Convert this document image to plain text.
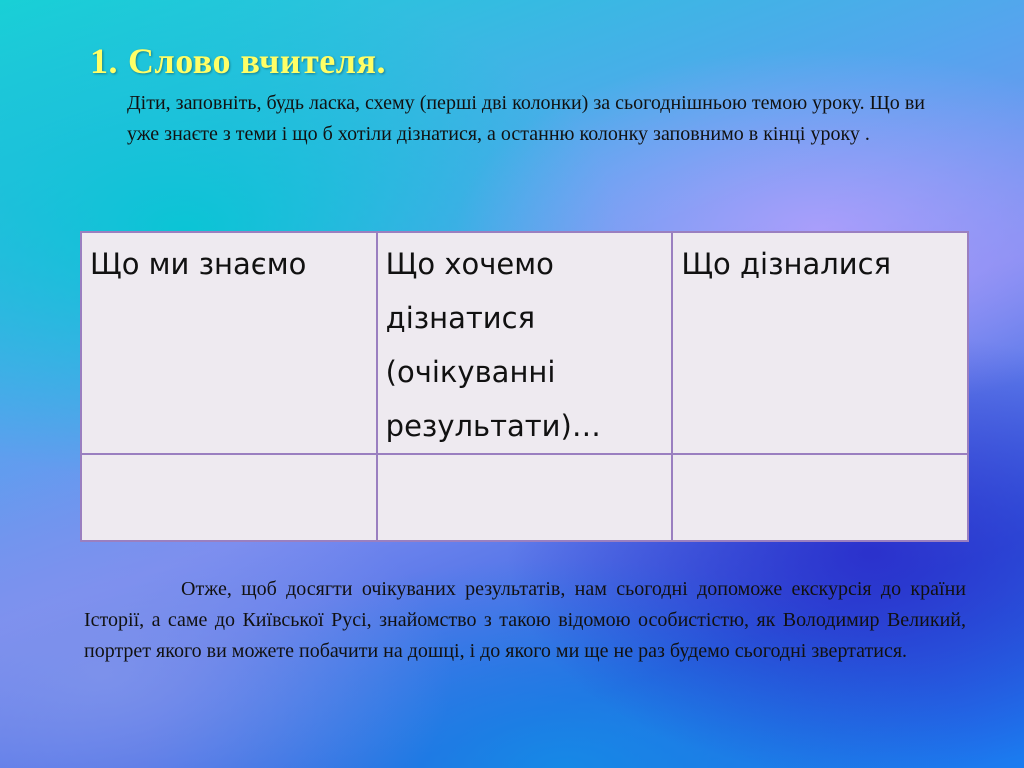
1. Слово вчителя.
Діти, заповніть, будь ласка, схему (перші дві колонки) за сьогоднішньою темою уроку. Що ви уже знаєте з теми і що б хотіли дізнатися, а останню колонку заповнимо в кінці уроку .
Що ми знаємо	Що хочемо дізнатися (очікуванні результати)…	Що дізналися

Отже, щоб досягти очікуваних результатів, нам сьогодні допоможе екскурсія до країни Історії, а саме до Київської Русі, знайомство з такою відомою особистістю, як Володимир Великий, портрет якого ви можете побачити на дошці, і до якого ми ще не раз будемо сьогодні звертатися.
